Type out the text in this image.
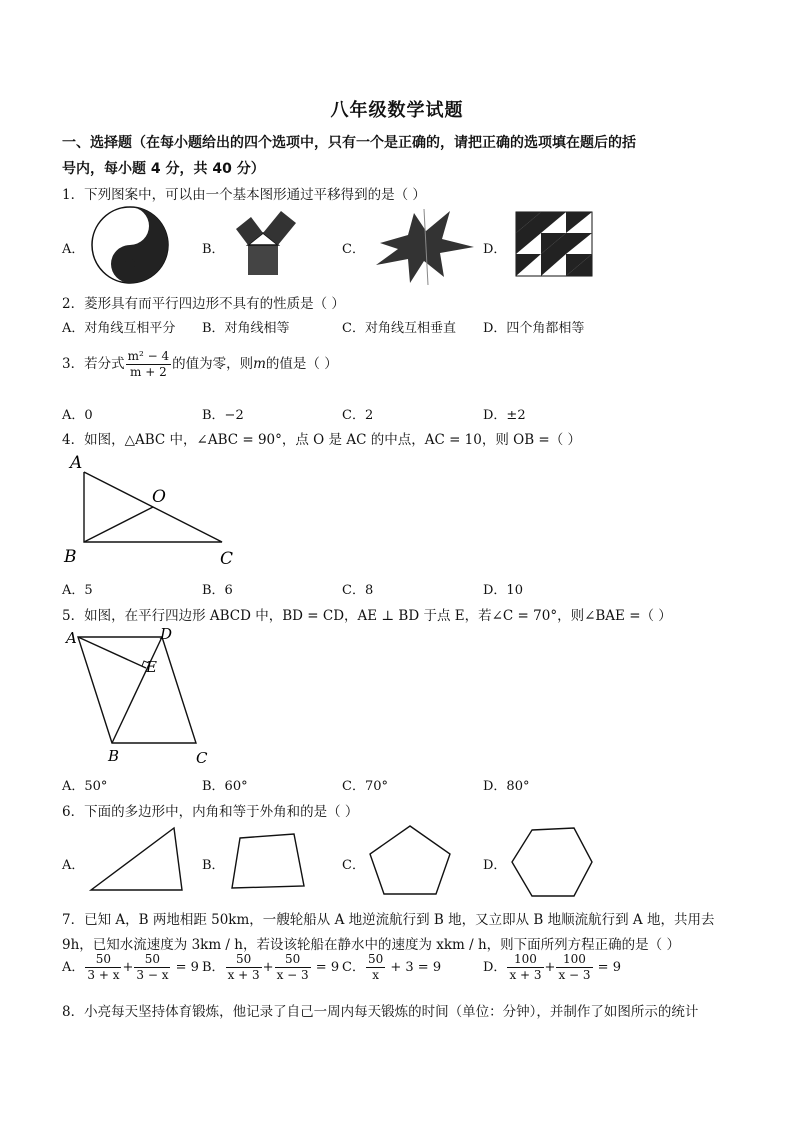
八年级数学试题
一、选择题（在每小题给出的四个选项中，只有一个是正确的，请把正确的选项填在题后的括
号内，每小题 4 分，共 40 分）
1．下列图案中，可以由一个基本图形通过平移得到的是（ ）
A．	B．	C．	D．
2．菱形具有而平行四边形不具有的性质是（ ）
A．对角线互相平分 B．对角线相等	C．对角线互相垂直 D．四个角都相等
3．若分式 $\frac{\text{m² − 4}}{m + 2}$ 的值为零，则m的值是（ ）
A．0	B．−2	C．2	D．±2
4．如图，△ABC 中，∠ABC = 90°，点 O 是 AC 的中点，AC = 10，则 OB =（ ）
A
B	C
O
A．5	B．6	C．8	D．10
5．如图，在平行四边形 ABCD 中，BD = CD，AE ⊥ BD 于点 E，若∠C = 70°，则∠BAE =（ ）
A	D
E
B	C
A．50°	B．60°	C．70°	D．80°
6．下面的多边形中，内角和等于外角和的是（ ）
A．	B．	C．	D．
7．已知 A，B 两地相距 50km，一艘轮船从 A 地逆流航行到 B 地，又立即从 B 地顺流航行到 A 地，共用去
9h，已知水流速度为 3km / h，若设该轮船在静水中的速度为 xkm / h，则下面所列方程正确的是（ ）
A． $\frac{50}{3 + x} + \frac{50}{3 - x} = 9$ B． $\frac{50}{x + 3} + \frac{50}{x - 3} = 9$ C． $\frac{50}{x} + 3 = 9$	D． $\frac{100}{x + 3} + \frac{100}{x - 3} = 9$
8．小亮每天坚持体育锻炼，他记录了自己一周内每天锻炼的时间（单位：分钟），并制作了如图所示的统计
